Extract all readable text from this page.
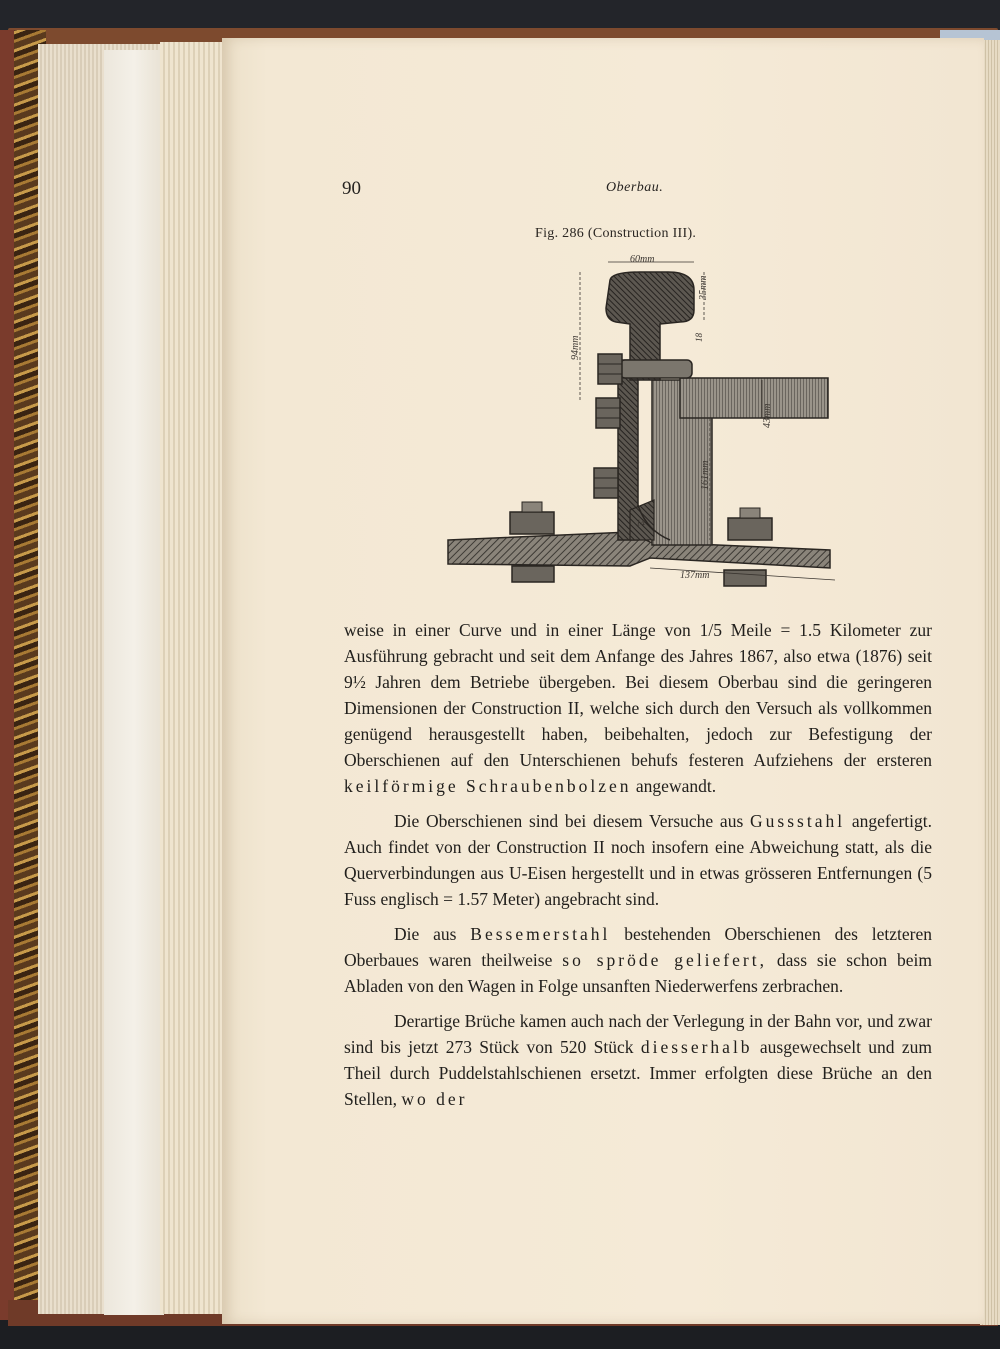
90	Oberbau.
Fig. 286 (Construction III).
60mm
35mm
94mm	18
43mm
161mm
14
137mm

weise in einer Curve und in einer Länge von 1/5 Meile = 1.5 Kilometer zur Ausführung gebracht und seit dem Anfange des Jahres 1867, also etwa (1876) seit 9½ Jahren dem Betriebe übergeben. Bei diesem Oberbau sind die geringeren Dimensionen der Construction II, welche sich durch den Versuch als vollkommen genügend herausgestellt haben, beibehalten, jedoch zur Befestigung der Oberschienen auf den Unterschienen behufs festeren Aufziehens der ersteren keilförmige Schraubenbolzen angewandt.

Die Oberschienen sind bei diesem Versuche aus Gussstahl angefertigt. Auch findet von der Construction II noch insofern eine Abweichung statt, als die Querverbindungen aus U-Eisen hergestellt und in etwas grösseren Entfernungen (5 Fuss englisch = 1.57 Meter) angebracht sind.

Die aus Bessemerstahl bestehenden Oberschienen des letzteren Oberbaues waren theilweise so spröde geliefert, dass sie schon beim Abladen von den Wagen in Folge unsanften Niederwerfens zerbrachen.

Derartige Brüche kamen auch nach der Verlegung in der Bahn vor, und zwar sind bis jetzt 273 Stück von 520 Stück diesserhalb ausgewechselt und zum Theil durch Puddelstahlschienen ersetzt. Immer erfolgten diese Brüche an den Stellen, wo der
